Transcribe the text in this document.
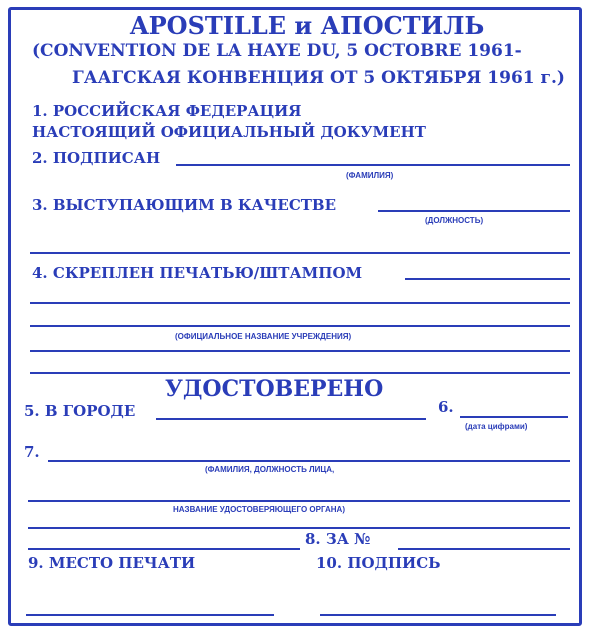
APOSTILLE и АПОСТИЛЬ
(CONVENTION DE LA HAYE DU, 5 OCTOBRE 1961-
ГААГСКАЯ КОНВЕНЦИЯ ОТ 5 ОКТЯБРЯ 1961 г.)
1. РОССИЙСКАЯ ФЕДЕРАЦИЯ
НАСТОЯЩИЙ ОФИЦИАЛЬНЫЙ ДОКУМЕНТ
2. ПОДПИСАН
(ФАМИЛИЯ)
3. ВЫСТУПАЮЩИМ В КАЧЕСТВЕ
(ДОЛЖНОСТЬ)
4. СКРЕПЛЕН ПЕЧАТЬЮ/ШТАМПОМ
(ОФИЦИАЛЬНОЕ НАЗВАНИЕ УЧРЕЖДЕНИЯ)
УДОСТОВЕРЕНО
5. В ГОРОДЕ	6.
(дата цифрами)
7.
(ФАМИЛИЯ, ДОЛЖНОСТЬ ЛИЦА,
НАЗВАНИЕ УДОСТОВЕРЯЮЩЕГО ОРГАНА)
8. ЗА №
9. МЕСТО ПЕЧАТИ	10. ПОДПИСЬ
